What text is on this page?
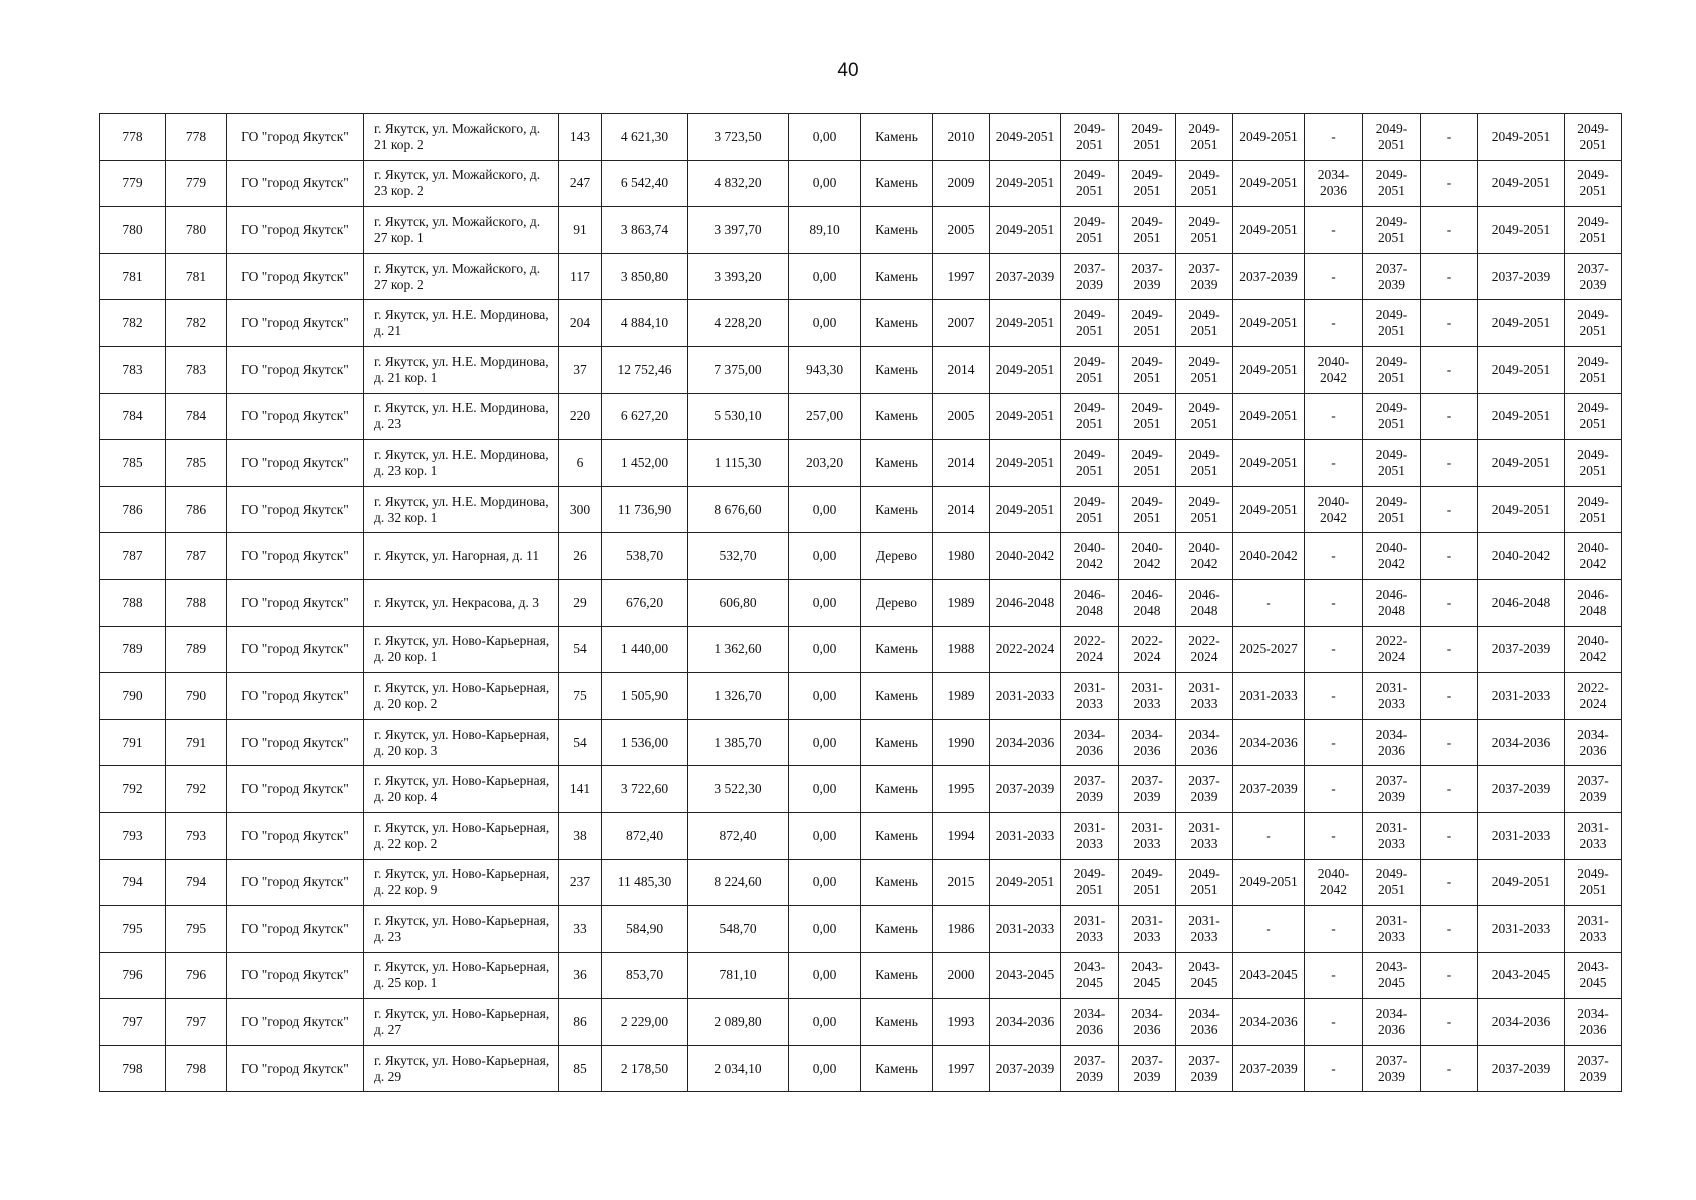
40
778	778	ГО "город Якутск"	г. Якутск, ул. Можайского, д. 21 кор. 2	143	4 621,30	3 723,50	0,00	Камень	2010	2049-2051	2049-2051	2049-2051	2049-2051	2049-2051	-	2049-2051	-	2049-2051	2049-2051
779	779	ГО "город Якутск"	г. Якутск, ул. Можайского, д. 23 кор. 2	247	6 542,40	4 832,20	0,00	Камень	2009	2049-2051	2049-2051	2049-2051	2049-2051	2049-2051	2034-2036	2049-2051	-	2049-2051	2049-2051
780	780	ГО "город Якутск"	г. Якутск, ул. Можайского, д. 27 кор. 1	91	3 863,74	3 397,70	89,10	Камень	2005	2049-2051	2049-2051	2049-2051	2049-2051	2049-2051	-	2049-2051	-	2049-2051	2049-2051
781	781	ГО "город Якутск"	г. Якутск, ул. Можайского, д. 27 кор. 2	117	3 850,80	3 393,20	0,00	Камень	1997	2037-2039	2037-2039	2037-2039	2037-2039	2037-2039	-	2037-2039	-	2037-2039	2037-2039
782	782	ГО "город Якутск"	г. Якутск, ул. Н.Е. Мординова, д. 21	204	4 884,10	4 228,20	0,00	Камень	2007	2049-2051	2049-2051	2049-2051	2049-2051	2049-2051	-	2049-2051	-	2049-2051	2049-2051
783	783	ГО "город Якутск"	г. Якутск, ул. Н.Е. Мординова, д. 21 кор. 1	37	12 752,46	7 375,00	943,30	Камень	2014	2049-2051	2049-2051	2049-2051	2049-2051	2049-2051	2040-2042	2049-2051	-	2049-2051	2049-2051
784	784	ГО "город Якутск"	г. Якутск, ул. Н.Е. Мординова, д. 23	220	6 627,20	5 530,10	257,00	Камень	2005	2049-2051	2049-2051	2049-2051	2049-2051	2049-2051	-	2049-2051	-	2049-2051	2049-2051
785	785	ГО "город Якутск"	г. Якутск, ул. Н.Е. Мординова, д. 23 кор. 1	6	1 452,00	1 115,30	203,20	Камень	2014	2049-2051	2049-2051	2049-2051	2049-2051	2049-2051	-	2049-2051	-	2049-2051	2049-2051
786	786	ГО "город Якутск"	г. Якутск, ул. Н.Е. Мординова, д. 32 кор. 1	300	11 736,90	8 676,60	0,00	Камень	2014	2049-2051	2049-2051	2049-2051	2049-2051	2049-2051	2040-2042	2049-2051	-	2049-2051	2049-2051
787	787	ГО "город Якутск"	г. Якутск, ул. Нагорная, д. 11	26	538,70	532,70	0,00	Дерево	1980	2040-2042	2040-2042	2040-2042	2040-2042	2040-2042	-	2040-2042	-	2040-2042	2040-2042
788	788	ГО "город Якутск"	г. Якутск, ул. Некрасова, д. 3	29	676,20	606,80	0,00	Дерево	1989	2046-2048	2046-2048	2046-2048	2046-2048	-	-	2046-2048	-	2046-2048	2046-2048
789	789	ГО "город Якутск"	г. Якутск, ул. Ново-Карьерная, д. 20 кор. 1	54	1 440,00	1 362,60	0,00	Камень	1988	2022-2024	2022-2024	2022-2024	2022-2024	2025-2027	-	2022-2024	-	2037-2039	2040-2042
790	790	ГО "город Якутск"	г. Якутск, ул. Ново-Карьерная, д. 20 кор. 2	75	1 505,90	1 326,70	0,00	Камень	1989	2031-2033	2031-2033	2031-2033	2031-2033	2031-2033	-	2031-2033	-	2031-2033	2022-2024
791	791	ГО "город Якутск"	г. Якутск, ул. Ново-Карьерная, д. 20 кор. 3	54	1 536,00	1 385,70	0,00	Камень	1990	2034-2036	2034-2036	2034-2036	2034-2036	2034-2036	-	2034-2036	-	2034-2036	2034-2036
792	792	ГО "город Якутск"	г. Якутск, ул. Ново-Карьерная, д. 20 кор. 4	141	3 722,60	3 522,30	0,00	Камень	1995	2037-2039	2037-2039	2037-2039	2037-2039	2037-2039	-	2037-2039	-	2037-2039	2037-2039
793	793	ГО "город Якутск"	г. Якутск, ул. Ново-Карьерная, д. 22 кор. 2	38	872,40	872,40	0,00	Камень	1994	2031-2033	2031-2033	2031-2033	2031-2033	-	-	2031-2033	-	2031-2033	2031-2033
794	794	ГО "город Якутск"	г. Якутск, ул. Ново-Карьерная, д. 22 кор. 9	237	11 485,30	8 224,60	0,00	Камень	2015	2049-2051	2049-2051	2049-2051	2049-2051	2049-2051	2040-2042	2049-2051	-	2049-2051	2049-2051
795	795	ГО "город Якутск"	г. Якутск, ул. Ново-Карьерная, д. 23	33	584,90	548,70	0,00	Камень	1986	2031-2033	2031-2033	2031-2033	2031-2033	-	-	2031-2033	-	2031-2033	2031-2033
796	796	ГО "город Якутск"	г. Якутск, ул. Ново-Карьерная, д. 25 кор. 1	36	853,70	781,10	0,00	Камень	2000	2043-2045	2043-2045	2043-2045	2043-2045	2043-2045	-	2043-2045	-	2043-2045	2043-2045
797	797	ГО "город Якутск"	г. Якутск, ул. Ново-Карьерная, д. 27	86	2 229,00	2 089,80	0,00	Камень	1993	2034-2036	2034-2036	2034-2036	2034-2036	2034-2036	-	2034-2036	-	2034-2036	2034-2036
798	798	ГО "город Якутск"	г. Якутск, ул. Ново-Карьерная, д. 29	85	2 178,50	2 034,10	0,00	Камень	1997	2037-2039	2037-2039	2037-2039	2037-2039	2037-2039	-	2037-2039	-	2037-2039	2037-2039
